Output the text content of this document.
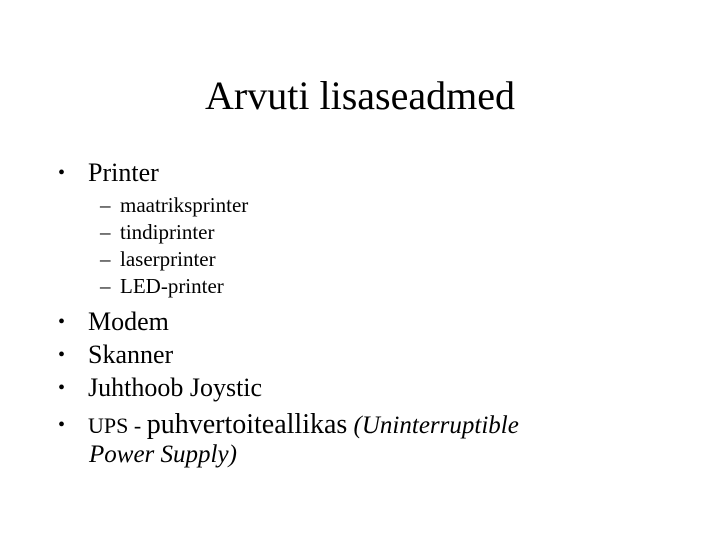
Arvuti lisaseadmed
• Printer
– maatriksprinter
– tindiprinter
– laserprinter
– LED-printer
• Modem
• Skanner
• Juhthoob Joystic
• UPS - puhvertoiteallikas (Uninterruptible
Power Supply)
